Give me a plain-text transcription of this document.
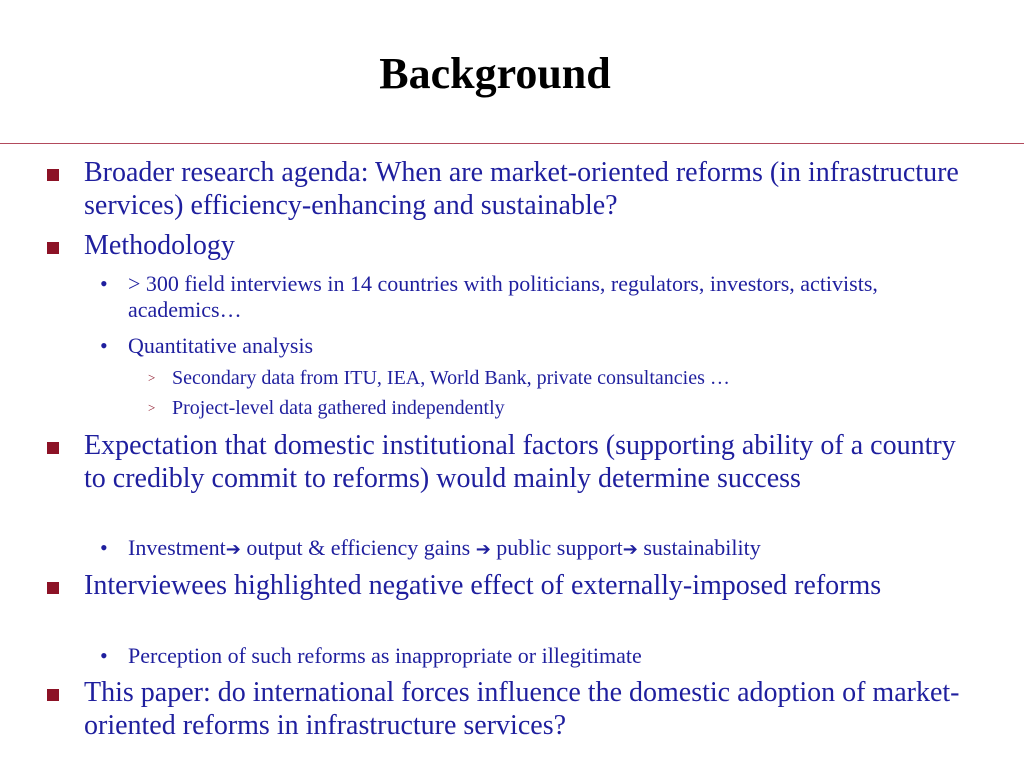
Background

Broader research agenda: When are market-oriented reforms (in infrastructure services) efficiency-enhancing and sustainable?

Methodology

• > 300 field interviews in 14 countries with politicians, regulators, investors, activists, academics…

• Quantitative analysis

> Secondary data from ITU, IEA, World Bank, private consultancies …

> Project-level data gathered independently

Expectation that domestic institutional factors (supporting ability of a country to credibly commit to reforms) would mainly determine success

• Investment➔ output & efficiency gains ➔ public support➔ sustainability

Interviewees highlighted negative effect of externally-imposed reforms

• Perception of such reforms as inappropriate or illegitimate

This paper: do international forces influence the domestic adoption of market-oriented reforms in infrastructure services?
